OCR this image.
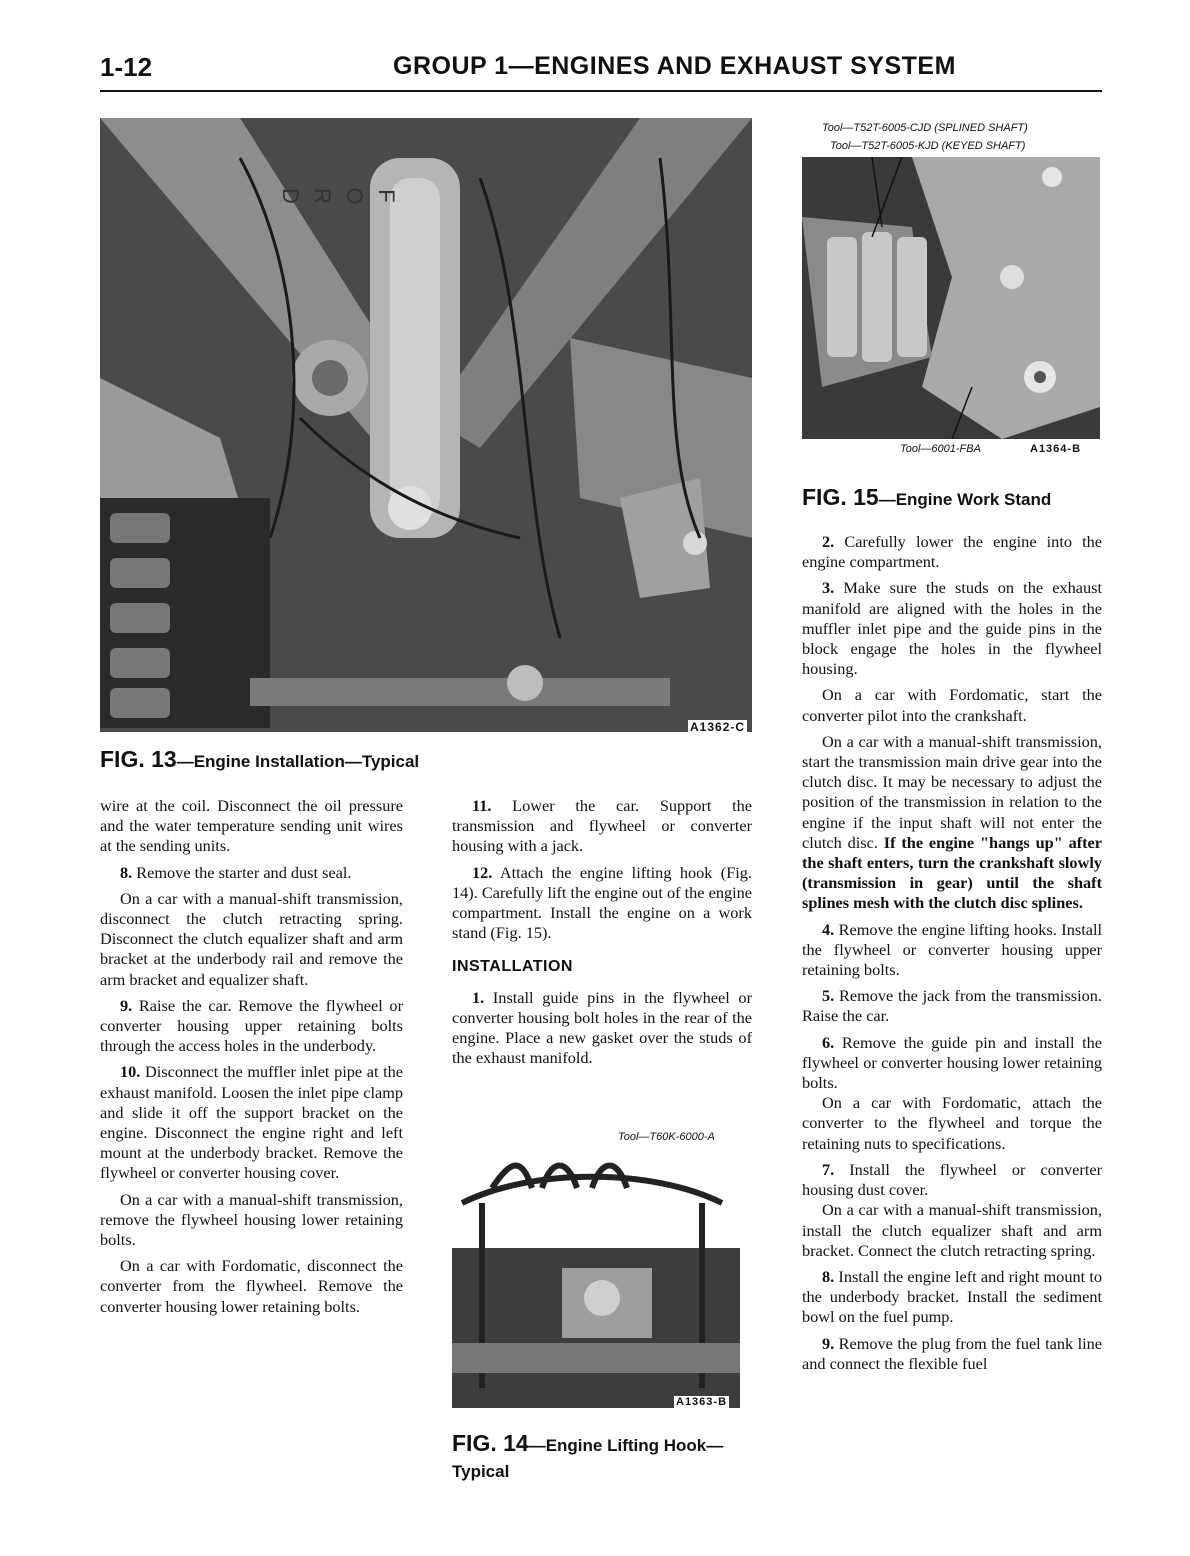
1-12	GROUP 1—ENGINES AND EXHAUST SYSTEM
FORD
A1362-C
FIG. 13—Engine Installation—Typical
Tool—T52T-6005-CJD (SPLINED SHAFT)
Tool—T52T-6005-KJD (KEYED SHAFT)
Tool—6001-FBA	A1364-B
FIG. 15—Engine Work Stand

wire at the coil. Disconnect the oil pressure and the water temperature sending unit wires at the sending units.

8. Remove the starter and dust seal.

On a car with a manual-shift transmission, disconnect the clutch retracting spring. Disconnect the clutch equalizer shaft and arm bracket at the underbody rail and remove the arm bracket and equalizer shaft.

9. Raise the car. Remove the flywheel or converter housing upper retaining bolts through the access holes in the underbody.

10. Disconnect the muffler inlet pipe at the exhaust manifold. Loosen the inlet pipe clamp and slide it off the support bracket on the engine. Disconnect the engine right and left mount at the underbody bracket. Remove the flywheel or converter housing cover.

On a car with a manual-shift transmission, remove the flywheel housing lower retaining bolts.

On a car with Fordomatic, disconnect the converter from the flywheel. Remove the converter housing lower retaining bolts.

11. Lower the car. Support the transmission and flywheel or converter housing with a jack.

12. Attach the engine lifting hook (Fig. 14). Carefully lift the engine out of the engine compartment. Install the engine on a work stand (Fig. 15).

INSTALLATION

1. Install guide pins in the flywheel or converter housing bolt holes in the rear of the engine. Place a new gasket over the studs of the exhaust manifold.

Tool—T60K-6000-A
A1363-B
FIG. 14—Engine Lifting Hook—
Typical

2. Carefully lower the engine into the engine compartment.

3. Make sure the studs on the exhaust manifold are aligned with the holes in the muffler inlet pipe and the guide pins in the block engage the holes in the flywheel housing.

On a car with Fordomatic, start the converter pilot into the crankshaft.

On a car with a manual-shift transmission, start the transmission main drive gear into the clutch disc. It may be necessary to adjust the position of the transmission in relation to the engine if the input shaft will not enter the clutch disc. If the engine "hangs up" after the shaft enters, turn the crankshaft slowly (transmission in gear) until the shaft splines mesh with the clutch disc splines.

4. Remove the engine lifting hooks. Install the flywheel or converter housing upper retaining bolts.

5. Remove the jack from the transmission. Raise the car.

6. Remove the guide pin and install the flywheel or converter housing lower retaining bolts.

On a car with Fordomatic, attach the converter to the flywheel and torque the retaining nuts to specifications.

7. Install the flywheel or converter housing dust cover.

On a car with a manual-shift transmission, install the clutch equalizer shaft and arm bracket. Connect the clutch retracting spring.

8. Install the engine left and right mount to the underbody bracket. Install the sediment bowl on the fuel pump.

9. Remove the plug from the fuel tank line and connect the flexible fuel
